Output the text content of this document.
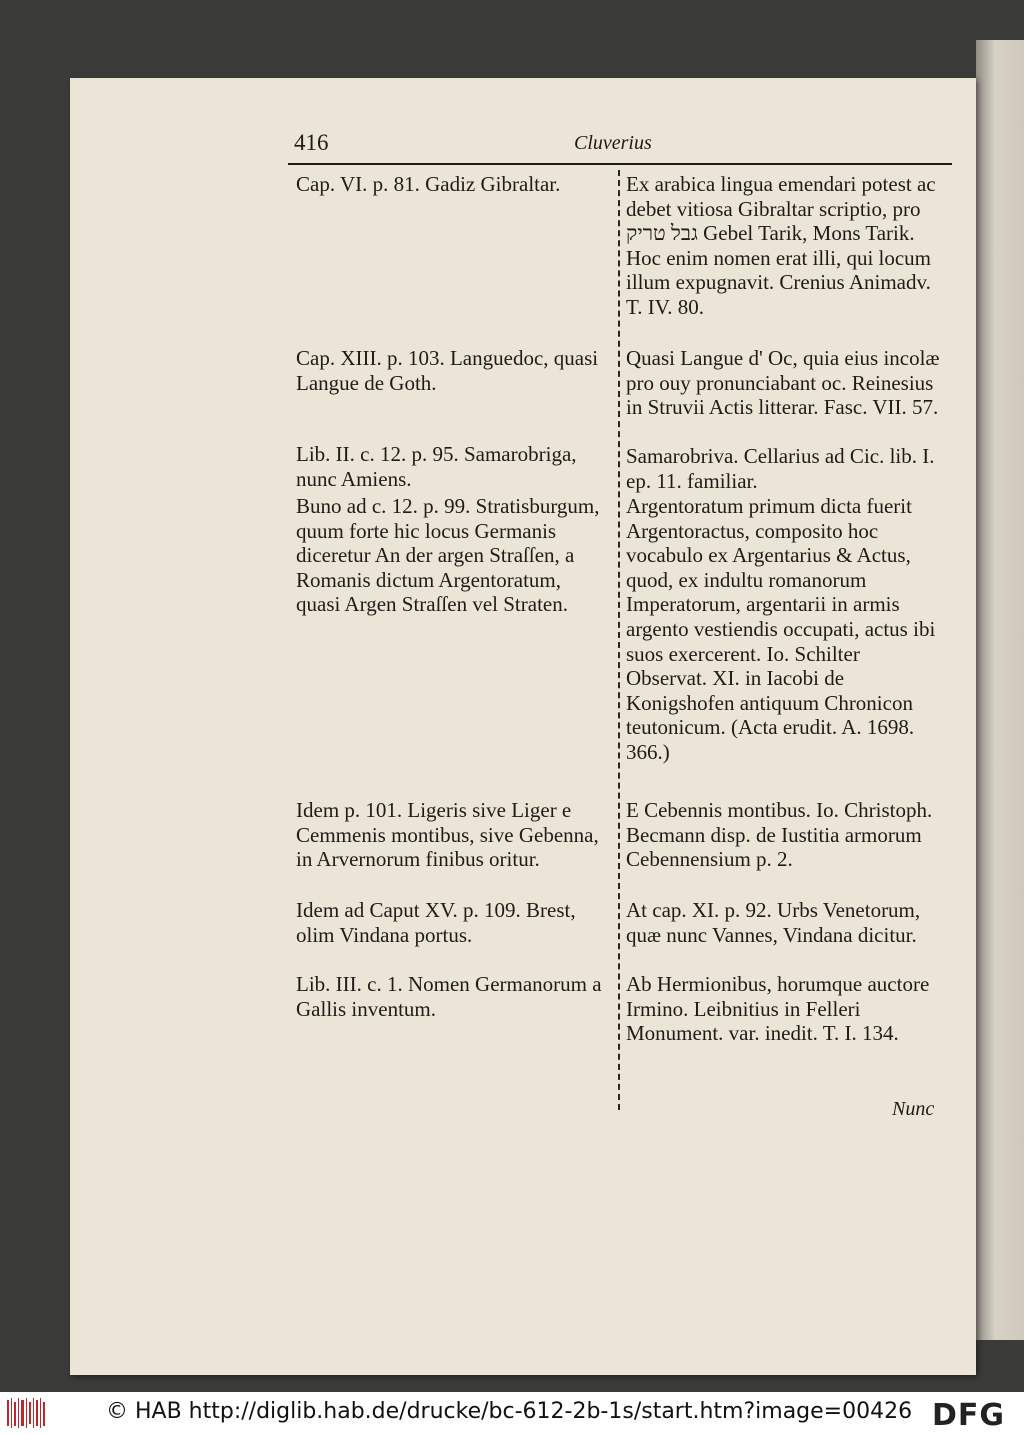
416	Cluverius
Cap. VI. p. 81. Gadiz Gibraltar.
Cap. XIII. p. 103. Languedoc, quasi Langue de Goth.
Lib. II. c. 12. p. 95. Samarobriga, nunc Amiens.
Buno ad c. 12. p. 99. Stratisburgum, quum forte hic locus Germanis diceretur An der argen Straſſen, a Romanis dictum Argentoratum, quasi Argen Straſſen vel Straten.
Idem p. 101. Ligeris sive Liger e Cemmenis montibus, sive Gebenna, in Arvernorum finibus oritur.
Idem ad Caput XV. p. 109. Brest, olim Vindana portus.
Lib. III. c. 1. Nomen Germanorum a Gallis inventum.
Ex arabica lingua emendari potest ac debet vitiosa Gibraltar scriptio, pro גבל טריק Gebel Tarik, Mons Tarik. Hoc enim nomen erat illi, qui locum illum expugnavit. Crenius Animadv. T. IV. 80.
Quasi Langue d' Oc, quia eius incolæ pro ouy pronunciabant oc. Reinesius in Struvii Actis litterar. Fasc. VII. 57.
Samarobriva. Cellarius ad Cic. lib. I. ep. 11. familiar.
Argentoratum primum dicta fuerit Argentoractus, composito hoc vocabulo ex Argentarius & Actus, quod, ex indultu romanorum Imperatorum, argentarii in armis argento vestiendis occupati, actus ibi suos exercerent. Io. Schilter Observat. XI. in Iacobi de Konigshofen antiquum Chronicon teutonicum. (Acta erudit. A. 1698. 366.)
E Cebennis montibus. Io. Christoph. Becmann disp. de Iustitia armorum Cebennensium p. 2.
At cap. XI. p. 92. Urbs Venetorum, quæ nunc Vannes, Vindana dicitur.
Ab Hermionibus, horumque auctore Irmino. Leibnitius in Felleri Monument. var. inedit. T. I. 134.
Nunc
© HAB http://diglib.hab.de/drucke/bc-612-2b-1s/start.htm?image=00426 DFG
